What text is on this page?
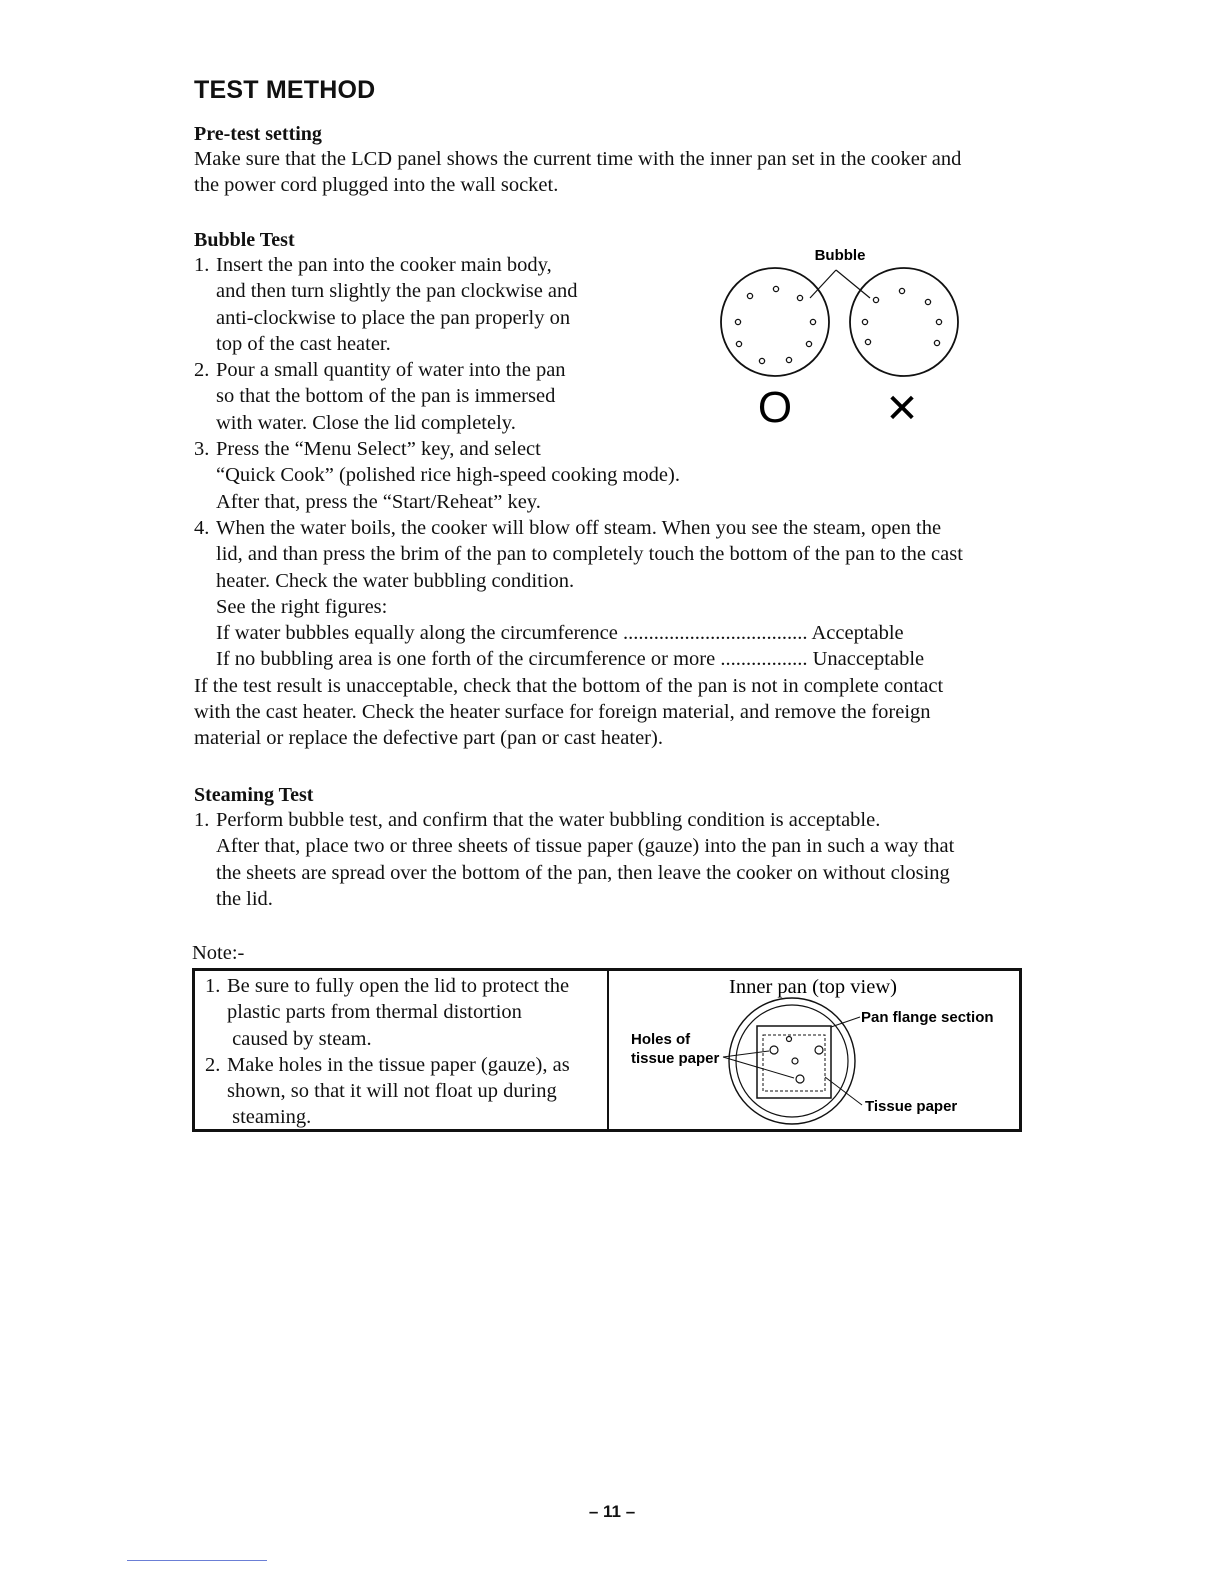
TEST METHOD
Pre-test setting
Make sure that the LCD panel shows the current time with the inner pan set in the cooker and
the power cord plugged into the wall socket.
Bubble Test
1. Insert the pan into the cooker main body,
and then turn slightly the pan clockwise and
anti-clockwise to place the pan properly on
top of the cast heater.
2. Pour a small quantity of water into the pan
so that the bottom of the pan is immersed
with water. Close the lid completely.
3. Press the “Menu Select” key, and select
“Quick Cook” (polished rice high-speed cooking mode).
After that, press the “Start/Reheat” key.
4. When the water boils, the cooker will blow off steam. When you see the steam, open the
lid, and than press the brim of the pan to completely touch the bottom of the pan to the cast
heater. Check the water bubbling condition.
See the right figures:
If water bubbles equally along the circumference .................................... Acceptable
If no bubbling area is one forth of the circumference or more ................. Unacceptable
If the test result is unacceptable, check that the bottom of the pan is not in complete contact
with the cast heater. Check the heater surface for foreign material, and remove the foreign
material or replace the defective part (pan or cast heater).
Bubble
O ✕
Steaming Test
1. Perform bubble test, and confirm that the water bubbling condition is acceptable.
After that, place two or three sheets of tissue paper (gauze) into the pan in such a way that
the sheets are spread over the bottom of the pan, then leave the cooker on without closing
the lid.
Note:-
1. Be sure to fully open the lid to protect the
plastic parts from thermal distortion
caused by steam.
2. Make holes in the tissue paper (gauze), as
shown, so that it will not float up during
steaming.
Inner pan (top view)
Holes of
tissue paper
Pan flange section
Tissue paper
– 11 –
